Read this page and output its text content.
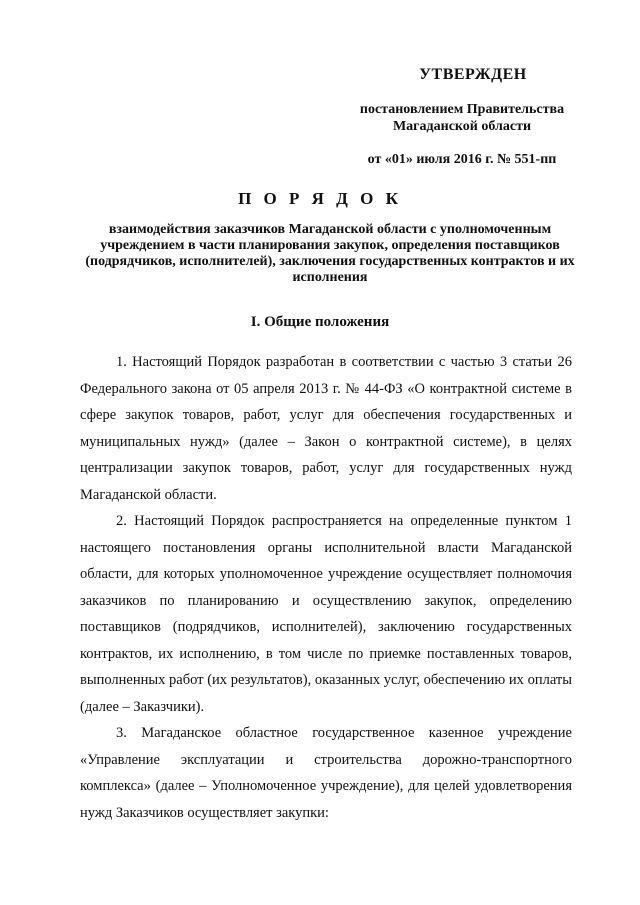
УТВЕРЖДЕН
постановлением Правительства
Магаданской области
от «01» июля 2016 г. № 551-пп
П О Р Я Д О К
взаимодействия заказчиков Магаданской области с уполномоченным учреждением в части планирования закупок, определения поставщиков (подрядчиков, исполнителей), заключения государственных контрактов и их исполнения
I. Общие положения

1. Настоящий Порядок разработан в соответствии с частью 3 статьи 26 Федерального закона от 05 апреля 2013 г. № 44-ФЗ «О контрактной системе в сфере закупок товаров, работ, услуг для обеспечения государственных и муниципальных нужд» (далее – Закон о контрактной системе), в целях централизации закупок товаров, работ, услуг для государственных нужд Магаданской области.

2. Настоящий Порядок распространяется на определенные пунктом 1 настоящего постановления органы исполнительной власти Магаданской области, для которых уполномоченное учреждение осуществляет полномочия заказчиков по планированию и осуществлению закупок, определению поставщиков (подрядчиков, исполнителей), заключению государственных контрактов, их исполнению, в том числе по приемке поставленных товаров, выполненных работ (их результатов), оказанных услуг, обеспечению их оплаты (далее – Заказчики).

3. Магаданское областное государственное казенное учреждение «Управление эксплуатации и строительства дорожно-транспортного комплекса» (далее – Уполномоченное учреждение), для целей удовлетворения нужд Заказчиков осуществляет закупки:
